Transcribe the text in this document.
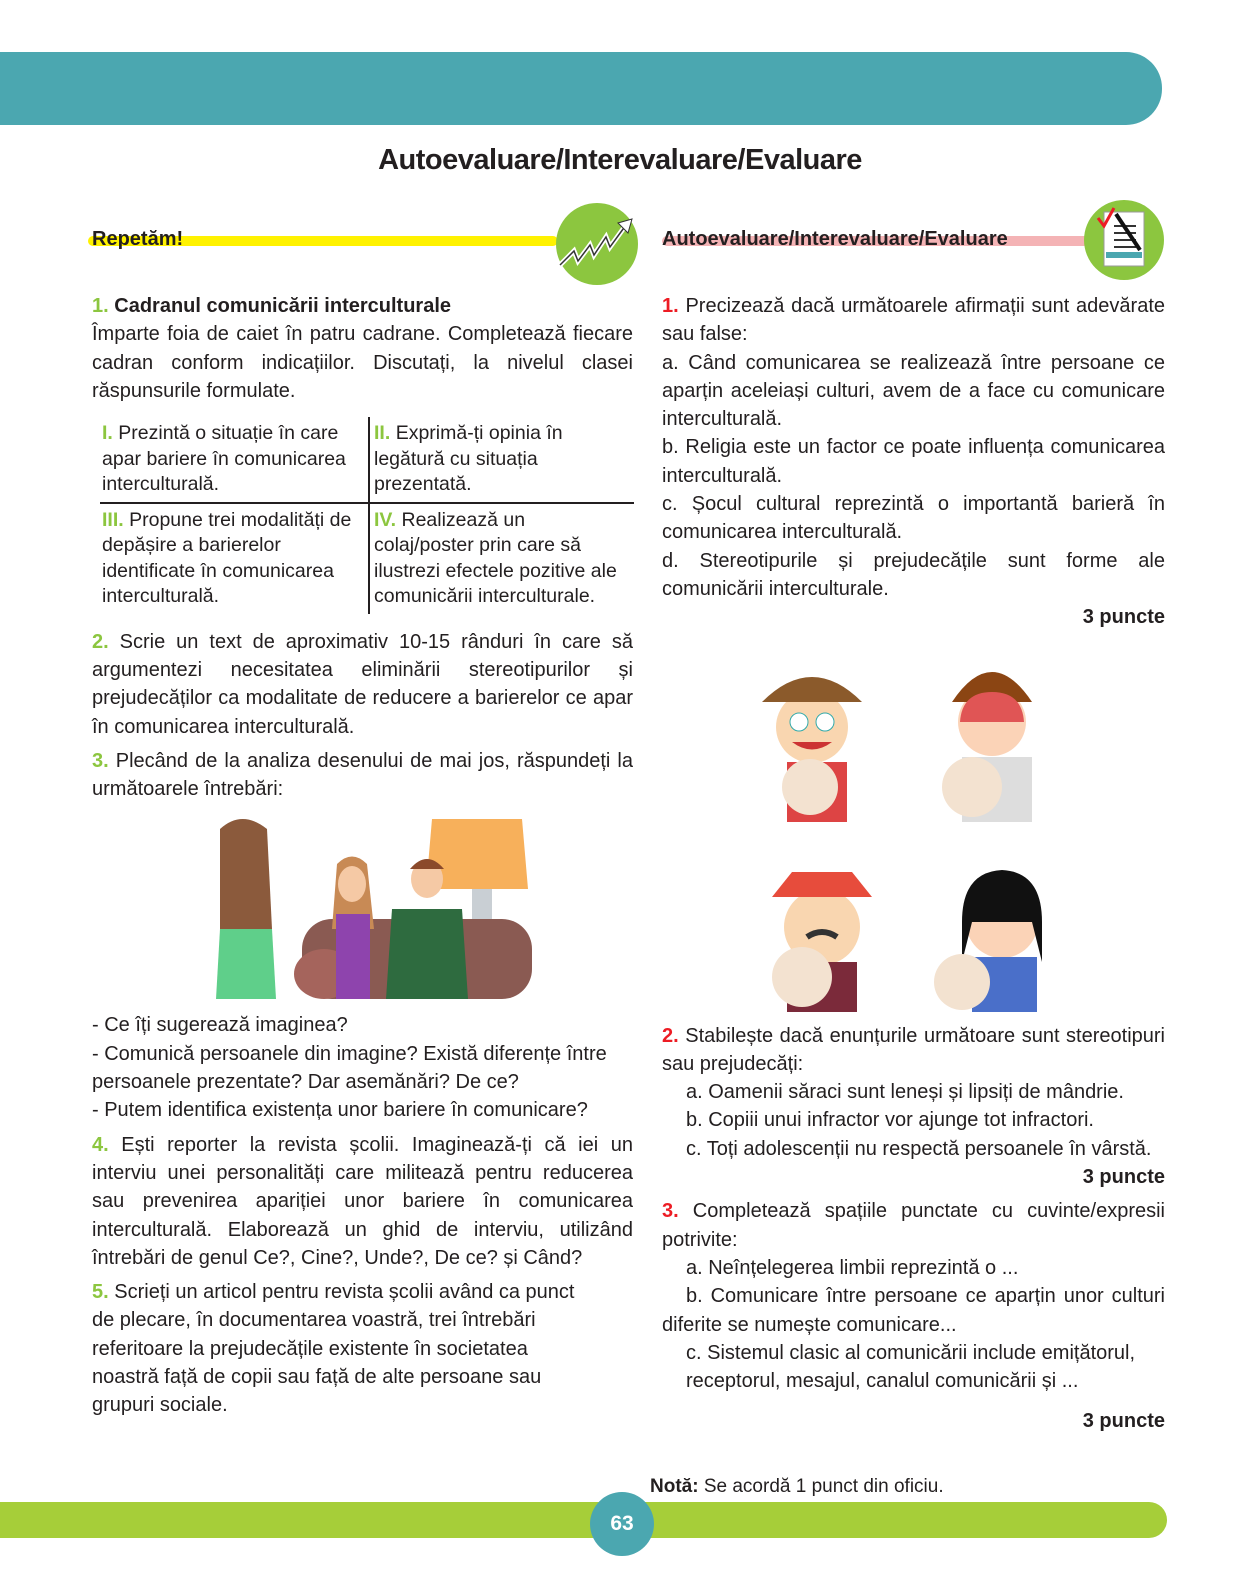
Autoevaluare/Interevaluare/Evaluare
Repetăm!	Autoevaluare/Interevaluare/Evaluare
1. Cadranul comunicării interculturale
Împarte foia de caiet în patru cadrane. Completează fiecare cadran conform indicațiilor. Discutați, la nivelul clasei răspunsurile formulate.
I. Prezintă o situație în care apar bariere în comunicarea interculturală.
II. Exprimă-ți opinia în legătură cu situația prezentată.
III. Propune trei modalități de depășire a barierelor identificate în comunicarea interculturală.
IV. Realizează un colaj/poster prin care să ilustrezi efectele pozitive ale comunicării interculturale.

2. Scrie un text de aproximativ 10-15 rânduri în care să argumentezi necesitatea eliminării stereotipurilor și prejudecăților ca modalitate de reducere a barierelor ce apar în comunicarea interculturală.

3. Plecând de la analiza desenului de mai jos, răspundeți la următoarele întrebări:

- Ce îți sugerează imaginea?
- Comunică persoanele din imagine? Există diferențe între persoanele prezentate? Dar asemănări? De ce?
- Putem identifica existența unor bariere în comunicare?

4. Ești reporter la revista școlii. Imaginează-ți că iei un interviu unei personalități care militează pentru reducerea sau prevenirea apariției unor bariere în comunicarea interculturală. Elaborează un ghid de interviu, utilizând întrebări de genul Ce?, Cine?, Unde?, De ce? și Când?

5. Scrieți un articol pentru revista școlii având ca punct de plecare, în documentarea voastră, trei întrebări referitoare la prejudecățile existente în societatea noastră față de copii sau față de alte persoane sau grupuri sociale.

1. Precizează dacă următoarele afirmații sunt adevărate sau false:
a. Când comunicarea se realizează între persoane ce aparțin aceleiași culturi, avem de a face cu comunicare interculturală.
b. Religia este un factor ce poate influența comunicarea interculturală.
c. Șocul cultural reprezintă o importantă barieră în comunicarea interculturală.
d. Stereotipurile și prejudecățile sunt forme ale comunicării interculturale.
3 puncte
2. Stabilește dacă enunțurile următoare sunt stereotipuri sau prejudecăți:
a. Oamenii săraci sunt leneși și lipsiți de mândrie.
b. Copiii unui infractor vor ajunge tot infractori.
c. Toți adolescenții nu respectă persoanele în vârstă.
3 puncte
3. Completează spațiile punctate cu cuvinte/expresii potrivite:
a. Neînțelegerea limbii reprezintă o ...
b. Comunicare între persoane ce aparțin unor culturi diferite se numește comunicare...
c. Sistemul clasic al comunicării include emițătorul, receptorul, mesajul, canalul comunicării și ...
3 puncte
Notă: Se acordă 1 punct din oficiu.
63
